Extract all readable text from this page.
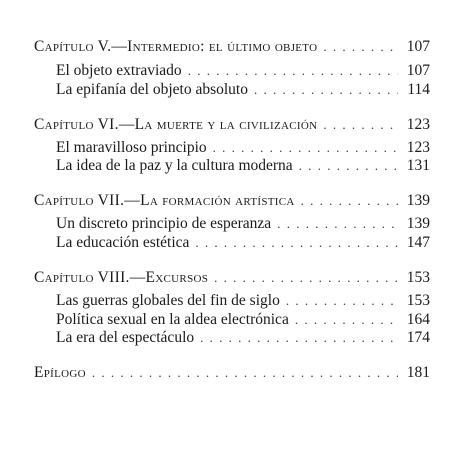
Capítulo V.—Intermedio: el último objeto . . .	107
El objeto extraviado . . .	107
La epifanía del objeto absoluto . . .	114
Capítulo VI.—La muerte y la civilización . . .	123
El maravilloso principio . . .	123
La idea de la paz y la cultura moderna . . .	131
Capítulo VII.—La formación artística . . .	139
Un discreto principio de esperanza . . .	139
La educación estética . . .	147
Capítulo VIII.—Excursos . . .	153
Las guerras globales del fin de siglo . . .	153
Política sexual en la aldea electrónica . . .	164
La era del espectáculo . . .	174
Epílogo . . .	181
